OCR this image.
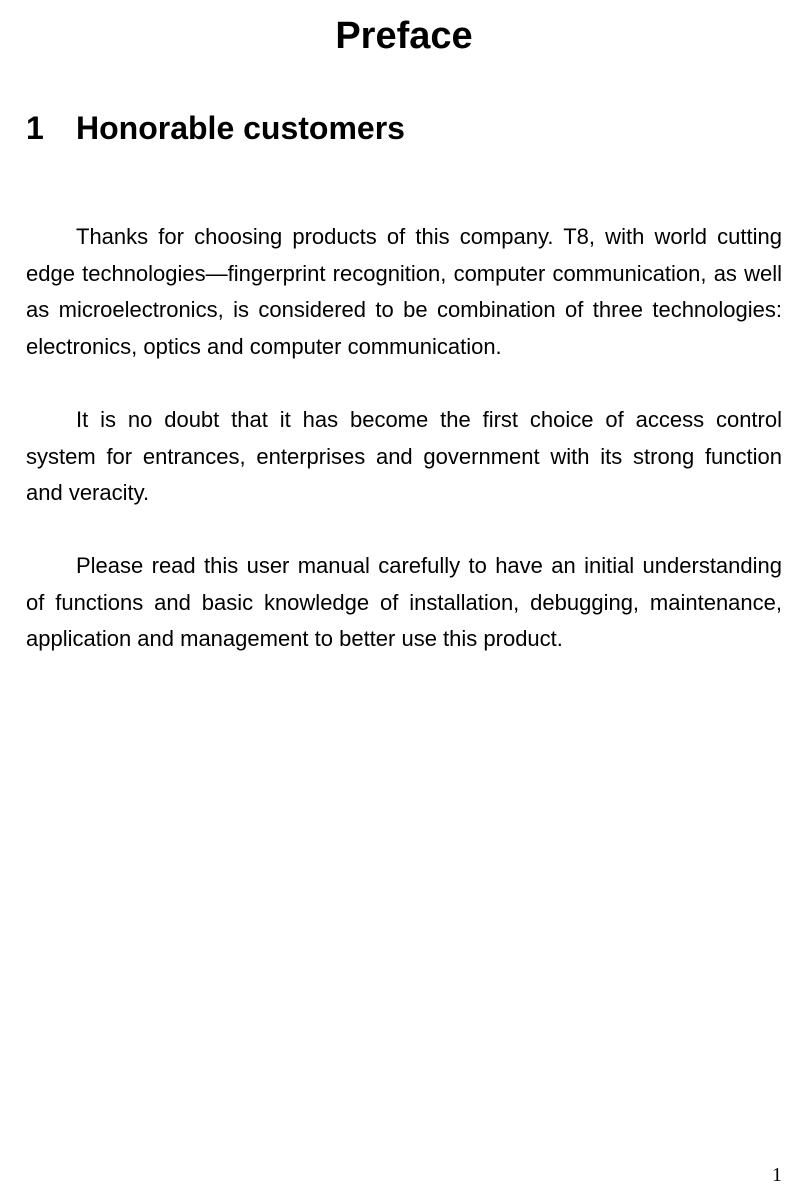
Preface
1 Honorable customers

Thanks for choosing products of this company. T8, with world cutting edge technologies—fingerprint recognition, computer communication, as well as microelectronics, is considered to be combination of three technologies: electronics, optics and computer communication.

It is no doubt that it has become the first choice of access control system for entrances, enterprises and government with its strong function and veracity.

Please read this user manual carefully to have an initial understanding of functions and basic knowledge of installation, debugging, maintenance, application and management to better use this product.

1
